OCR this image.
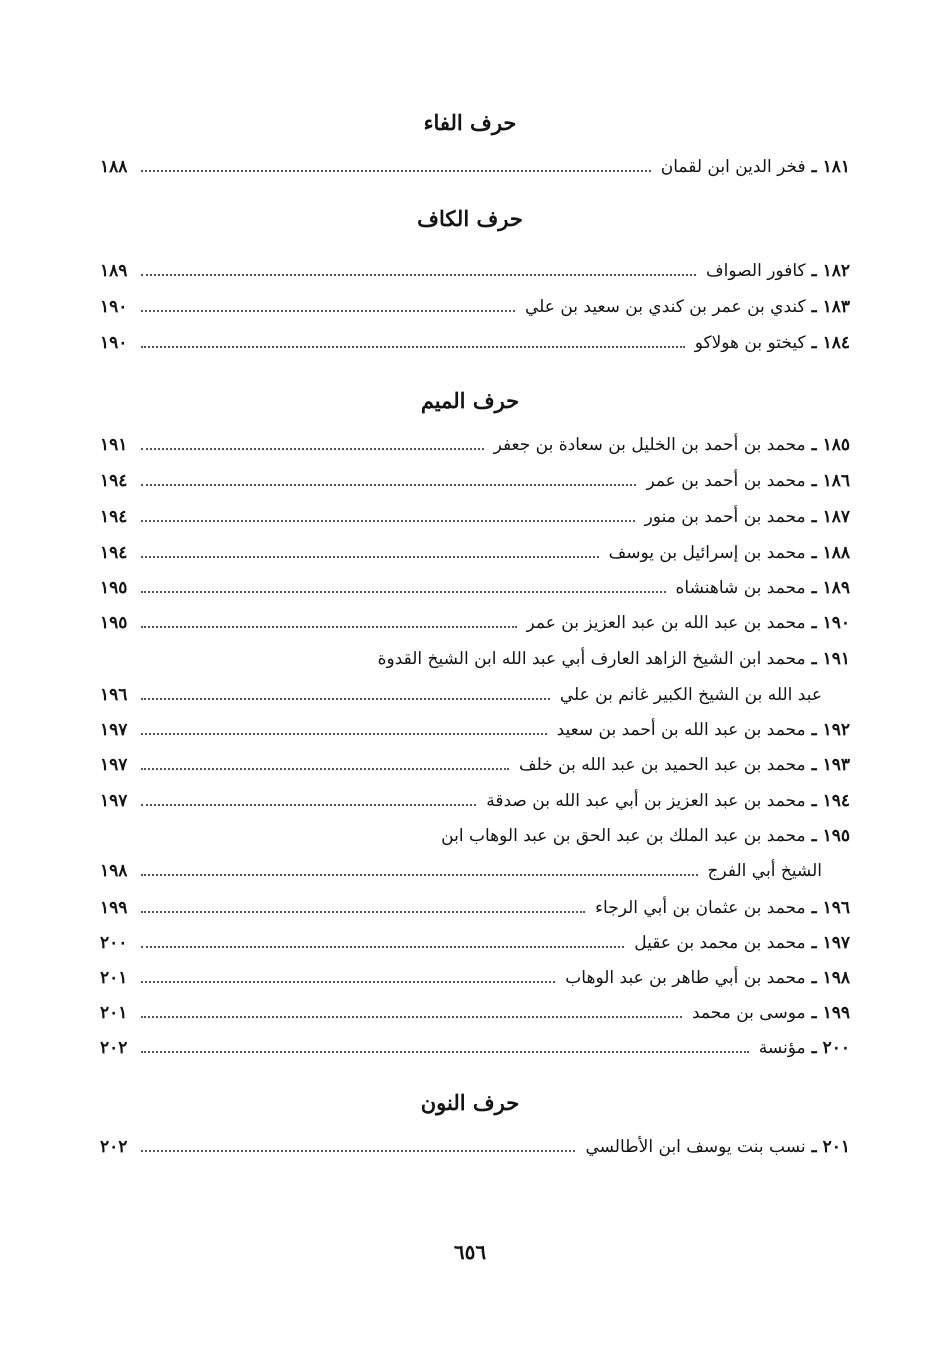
حرف الفاء
١٨١
ـ
فخر الدين ابن لقمان
١٨٨
حرف الكاف
١٨٢
ـ
كافور الصواف
١٨٩
١٨٣
ـ
كندي بن عمر بن كندي بن سعيد بن علي
١٩٠
١٨٤
ـ
كيختو بن هولاكو
١٩٠
حرف الميم
١٨٥
ـ
محمد بن أحمد بن الخليل بن سعادة بن جعفر
١٩١
١٨٦
ـ
محمد بن أحمد بن عمر
١٩٤
١٨٧
ـ
محمد بن أحمد بن منور
١٩٤
١٨٨
ـ
محمد بن إسرائيل بن يوسف
١٩٤
١٨٩
ـ
محمد بن شاهنشاه
١٩٥
١٩٠
ـ
محمد بن عبد الله بن عبد العزيز بن عمر
١٩٥
١٩١
ـ
محمد ابن الشيخ الزاهد العارف أبي عبد الله ابن الشيخ القدوة
عبد الله بن الشيخ الكبير غانم بن علي
١٩٦
١٩٢
ـ
محمد بن عبد الله بن أحمد بن سعيد
١٩٧
١٩٣
ـ
محمد بن عبد الحميد بن عبد الله بن خلف
١٩٧
١٩٤
ـ
محمد بن عبد العزيز بن أبي عبد الله بن صدقة
١٩٧
١٩٥
ـ
محمد بن عبد الملك بن عبد الحق بن عبد الوهاب ابن
الشيخ أبي الفرج
١٩٨
١٩٦
ـ
محمد بن عثمان بن أبي الرجاء
١٩٩
١٩٧
ـ
محمد بن محمد بن عقيل
٢٠٠
١٩٨
ـ
محمد بن أبي طاهر بن عبد الوهاب
٢٠١
١٩٩
ـ
موسى بن محمد
٢٠١
٢٠٠
ـ
مؤنسة
٢٠٢
حرف النون
٢٠١
ـ
نسب بنت يوسف ابن الأطالسي
٢٠٢
٦٥٦
